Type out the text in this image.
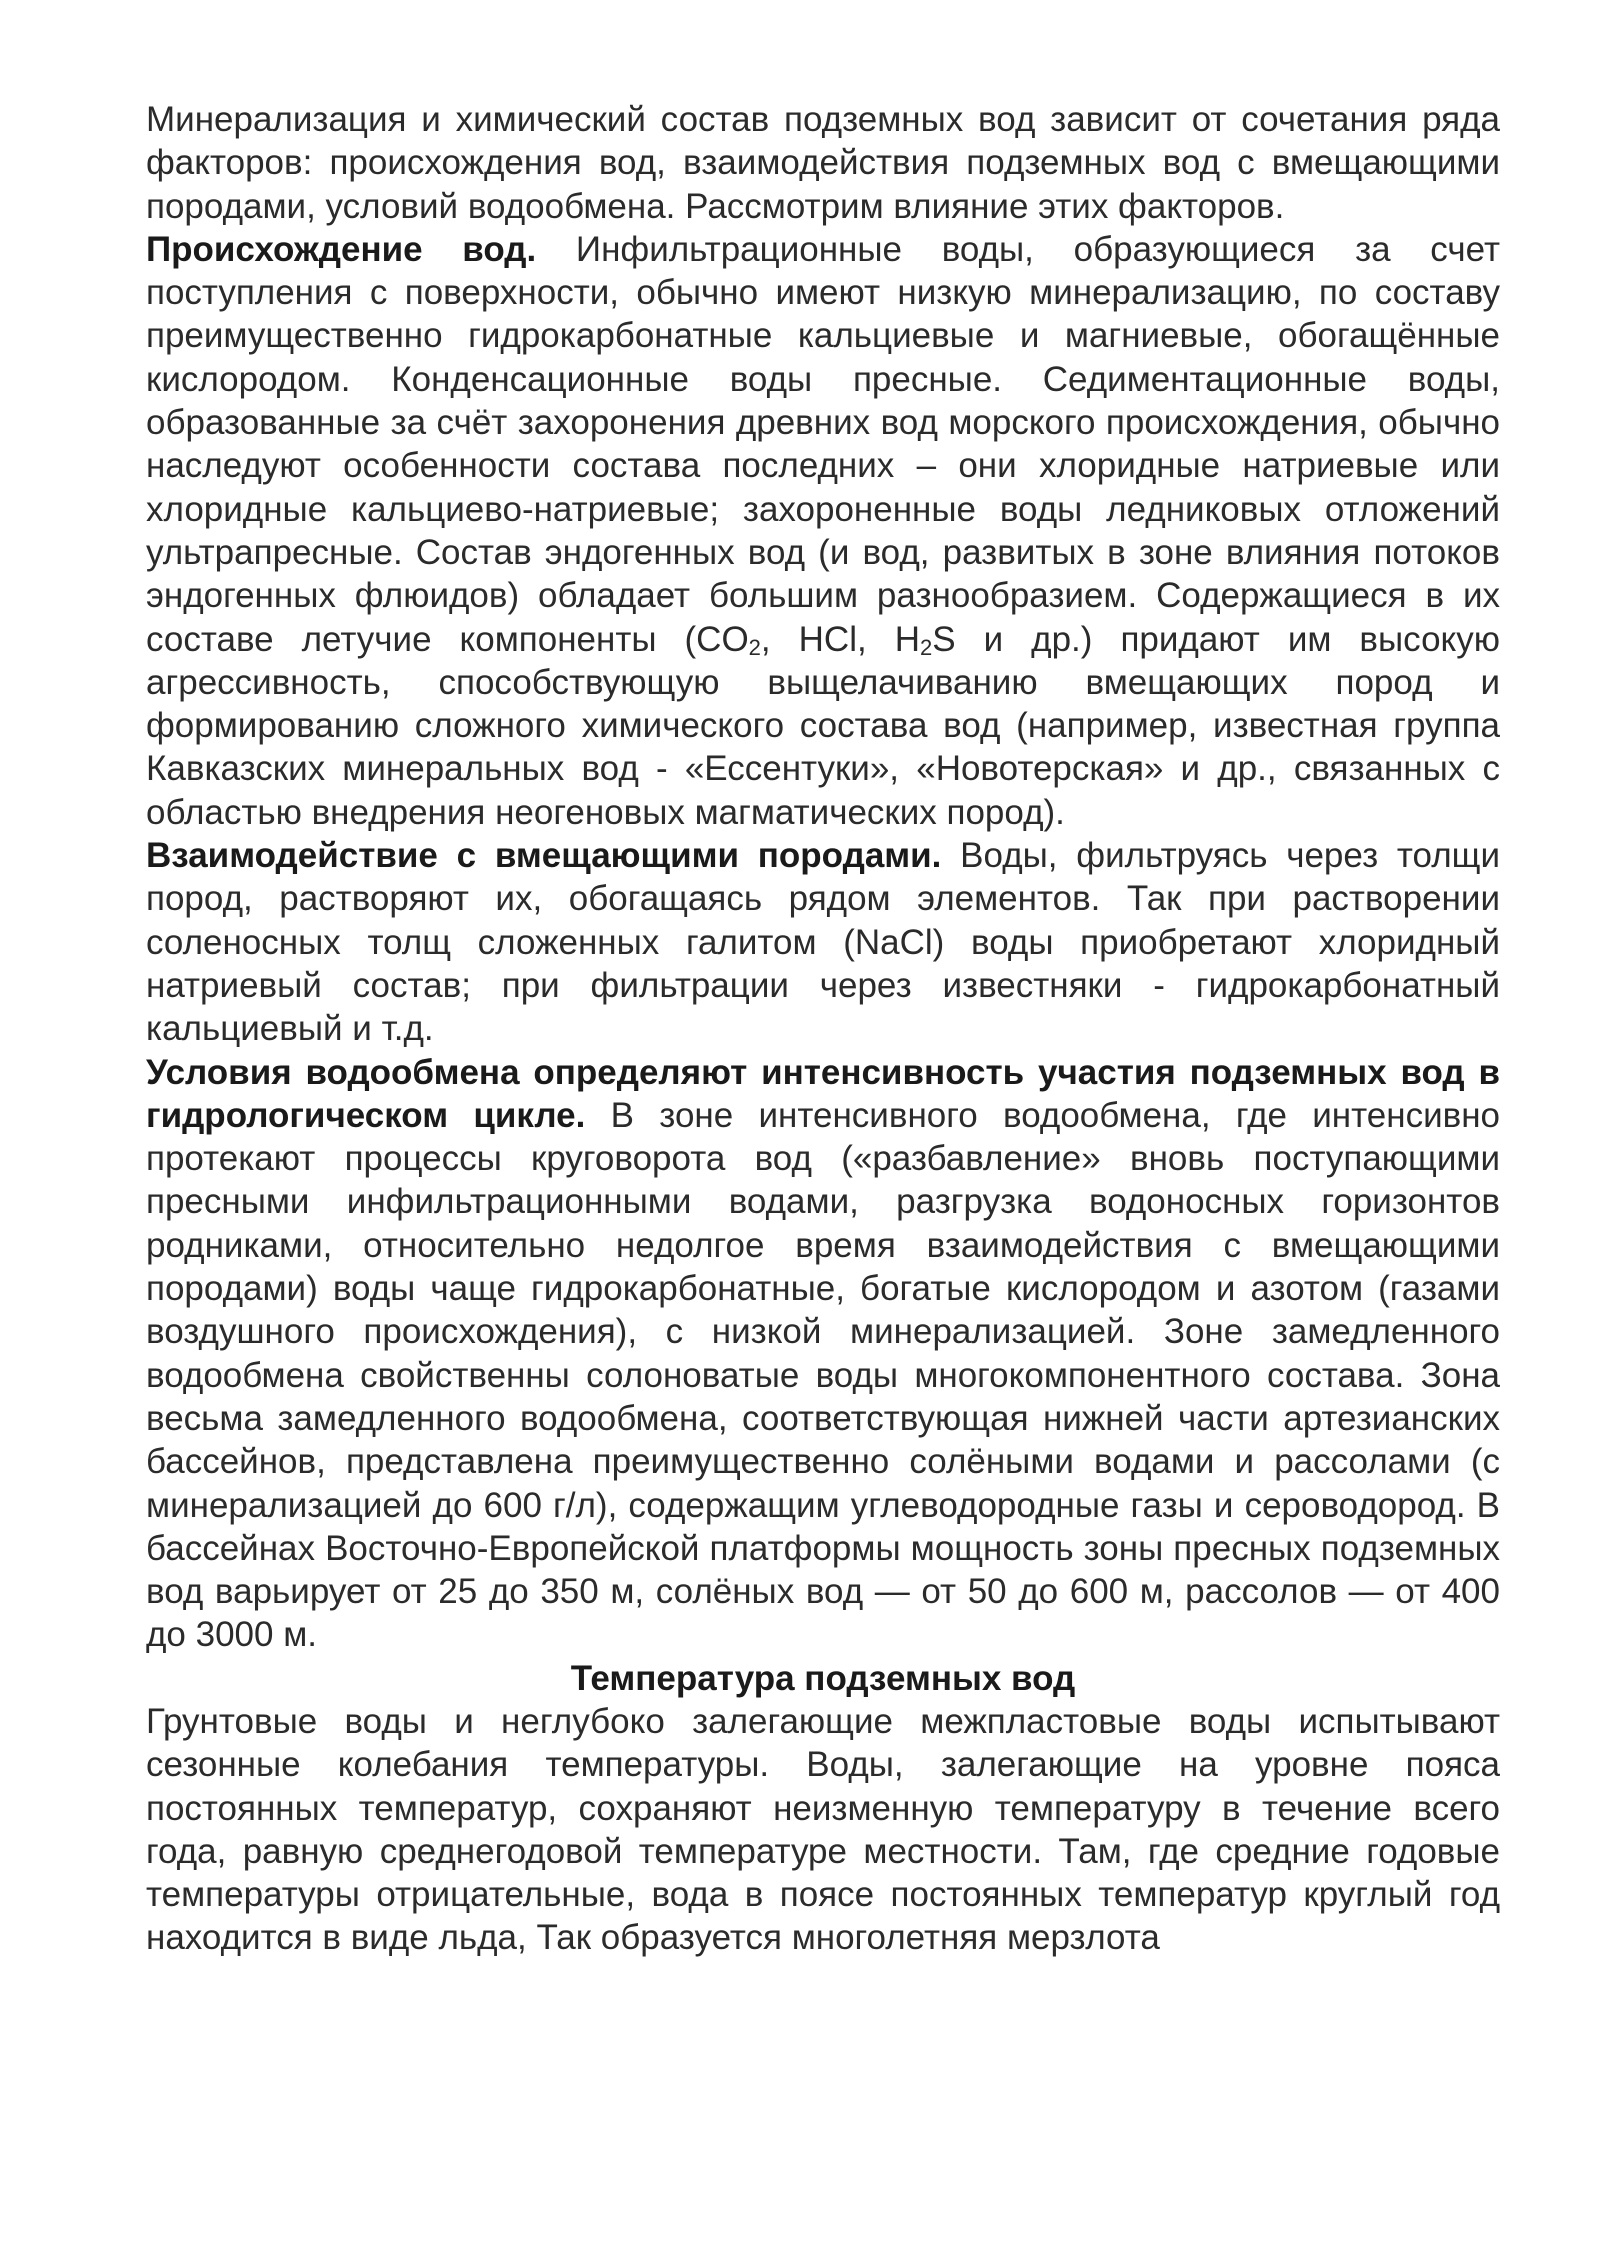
Минерализация и химический состав подземных вод зависит от сочетания ряда факторов: происхождения вод, взаимодействия подземных вод с вмещающими породами, условий водообмена. Рассмотрим влияние этих факторов.

Происхождение вод. Инфильтрационные воды, образующиеся за счет поступления с поверхности, обычно имеют низкую минерализацию, по составу преимущественно гидрокарбонатные кальциевые и магниевые, обогащённые кислородом. Конденсационные воды пресные. Седиментационные воды, образованные за счёт захоронения древних вод морского происхождения, обычно наследуют особенности состава последних – они хлоридные натриевые или хлоридные кальциево-натриевые; захороненные воды ледниковых отложений ультрапресные. Состав эндогенных вод (и вод, развитых в зоне влияния потоков эндогенных флюидов) обладает большим разнообразием. Содержащиеся в их составе летучие компоненты ($CO_2$, HCl, $H_2S$ и др.) придают им высокую агрессивность, способствующую выщелачиванию вмещающих пород и формированию сложного химического состава вод (например, известная группа Кавказских минеральных вод - «Ессентуки», «Новотерская» и др., связанных с областью внедрения неогеновых магматических пород).

Взаимодействие с вмещающими породами. Воды, фильтруясь через толщи пород, растворяют их, обогащаясь рядом элементов. Так при растворении соленосных толщ сложенных галитом (NaCl) воды приобретают хлоридный натриевый состав; при фильтрации через известняки - гидрокарбонатный кальциевый и т.д.

Условия водообмена определяют интенсивность участия подземных вод в гидрологическом цикле. В зоне интенсивного водообмена, где интенсивно протекают процессы круговорота вод («разбавление» вновь поступающими пресными инфильтрационными водами, разгрузка водоносных горизонтов родниками, относительно недолгое время взаимодействия с вмещающими породами) воды чаще гидрокарбонатные, богатые кислородом и азотом (газами воздушного происхождения), с низкой минерализацией. Зоне замедленного водообмена свойственны солоноватые воды многокомпонентного состава. Зона весьма замедленного водообмена, соответствующая нижней части артезианских бассейнов, представлена преимущественно солёными водами и рассолами (с минерализацией до 600 г/л), содержащим углеводородные газы и сероводород. В бассейнах Восточно-Европейской платформы мощность зоны пресных подземных вод варьирует от 25 до 350 м, солёных вод — от 50 до 600 м, рассолов — от 400 до 3000 м.

Температура подземных вод

Грунтовые воды и неглубоко залегающие межпластовые воды испытывают сезонные колебания температуры. Воды, залегающие на уровне пояса постоянных температур, сохраняют неизменную температуру в течение всего года, равную среднегодовой температуре местности. Там, где средние годовые температуры отрицательные, вода в поясе постоянных температур круглый год находится в виде льда, Так образуется многолетняя мерзлота
